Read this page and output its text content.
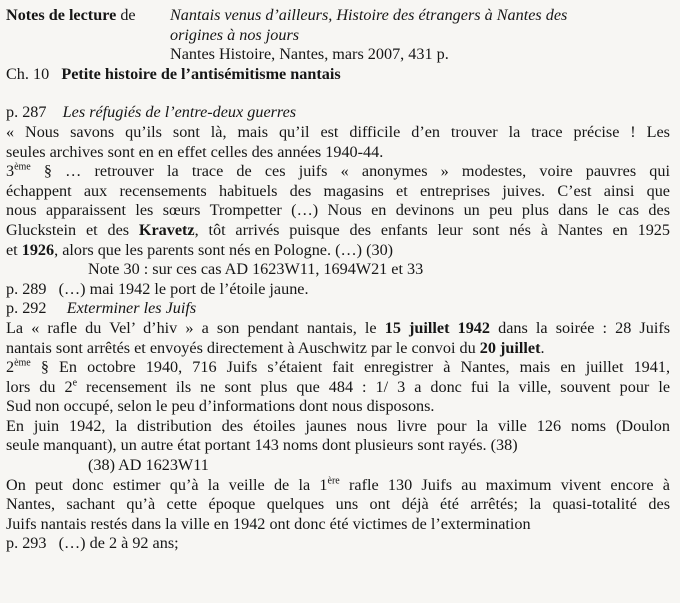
Notes de lecture de	Nantais venus d’ailleurs, Histoire des étrangers à Nantes des
origines à nos jours
Nantes Histoire, Nantes, mars 2007, 431 p.
Ch. 10 Petite histoire de l’antisémitisme nantais
p. 287 Les réfugiés de l’entre-deux guerres
« Nous savons qu’ils sont là, mais qu’il est difficile d’en trouver la trace précise ! Les
seules archives sont en en effet celles des années 1940-44.
3ème § … retrouver la trace de ces juifs « anonymes » modestes, voire pauvres qui
échappent aux recensements habituels des magasins et entreprises juives. C’est ainsi que
nous apparaissent les sœurs Trompetter (…) Nous en devinons un peu plus dans le cas des
Gluckstein et des Kravetz, tôt arrivés puisque des enfants leur sont nés à Nantes en 1925
et 1926, alors que les parents sont nés en Pologne. (…) (30)
Note 30 : sur ces cas AD 1623W11, 1694W21 et 33
p. 289 (…) mai 1942 le port de l’étoile jaune.
p. 292 Exterminer les Juifs
La « rafle du Vel’ d’hiv » a son pendant nantais, le 15 juillet 1942 dans la soirée : 28 Juifs
nantais sont arrêtés et envoyés directement à Auschwitz par le convoi du 20 juillet.
2ème § En octobre 1940, 716 Juifs s’étaient fait enregistrer à Nantes, mais en juillet 1941,
lors du 2e recensement ils ne sont plus que 484 : 1/ 3 a donc fui la ville, souvent pour le
Sud non occupé, selon le peu d’informations dont nous disposons.
En juin 1942, la distribution des étoiles jaunes nous livre pour la ville 126 noms (Doulon
seule manquant), un autre état portant 143 noms dont plusieurs sont rayés. (38)
(38) AD 1623W11
On peut donc estimer qu’à la veille de la 1ère rafle 130 Juifs au maximum vivent encore à
Nantes, sachant qu’à cette époque quelques uns ont déjà été arrêtés; la quasi-totalité des
Juifs nantais restés dans la ville en 1942 ont donc été victimes de l’extermination
p. 293 (…) de 2 à 92 ans;
